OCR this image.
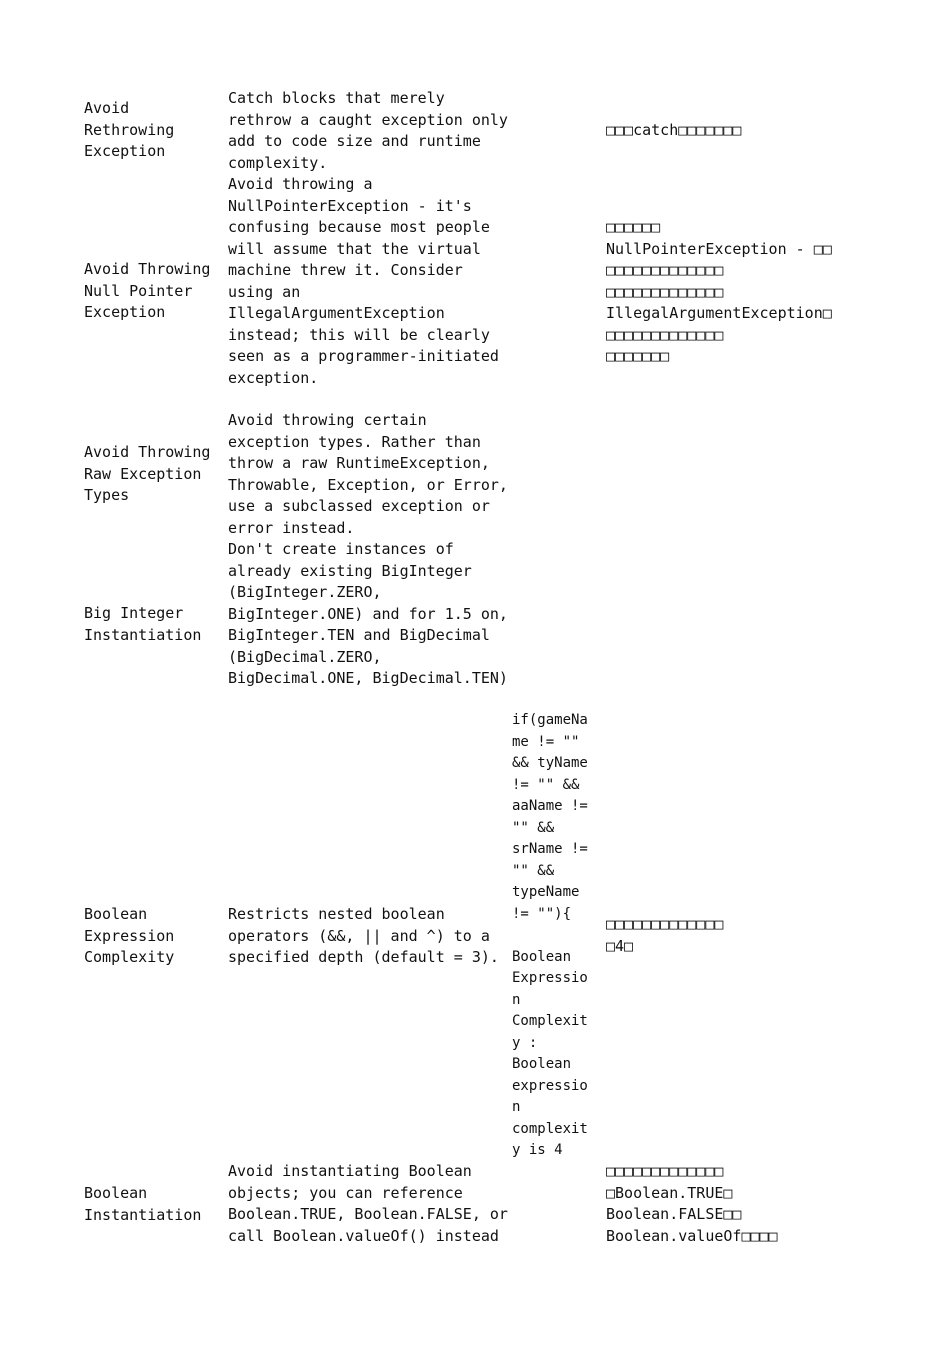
Avoid
Rethrowing
Exception
Catch blocks that merely
rethrow a caught exception only
add to code size and runtime
complexity.
□□□catch□□□□□□□
Avoid Throwing
Null Pointer
Exception
Avoid throwing a
NullPointerException - it's
confusing because most people
will assume that the virtual
machine threw it. Consider
using an
IllegalArgumentException
instead; this will be clearly
seen as a programmer-initiated
exception.
□□□□□□
NullPointerException - □□
□□□□□□□□□□□□□
□□□□□□□□□□□□□
IllegalArgumentException□
□□□□□□□□□□□□□
□□□□□□□
Avoid Throwing
Raw Exception
Types
Avoid throwing certain
exception types. Rather than
throw a raw RuntimeException,
Throwable, Exception, or Error,
use a subclassed exception or
error instead.
Big Integer
Instantiation
Don't create instances of
already existing BigInteger
(BigInteger.ZERO,
BigInteger.ONE) and for 1.5 on,
BigInteger.TEN and BigDecimal
(BigDecimal.ZERO,
BigDecimal.ONE, BigDecimal.TEN)
Boolean
Expression
Complexity
Restricts nested boolean
operators (&&, || and ^) to a
specified depth (default = 3).
if(gameNa
me != ""
&& tyName
!= "" &&
aaName !=
"" &&
srName !=
"" &&
typeName
!= ""){

Boolean
Expressio
n
Complexit
y :
Boolean
expressio
n
complexit
y is 4
□□□□□□□□□□□□□
□4□
Boolean
Instantiation
Avoid instantiating Boolean
objects; you can reference
Boolean.TRUE, Boolean.FALSE, or
call Boolean.valueOf() instead
□□□□□□□□□□□□□
□Boolean.TRUE□
Boolean.FALSE□□
Boolean.valueOf□□□□
